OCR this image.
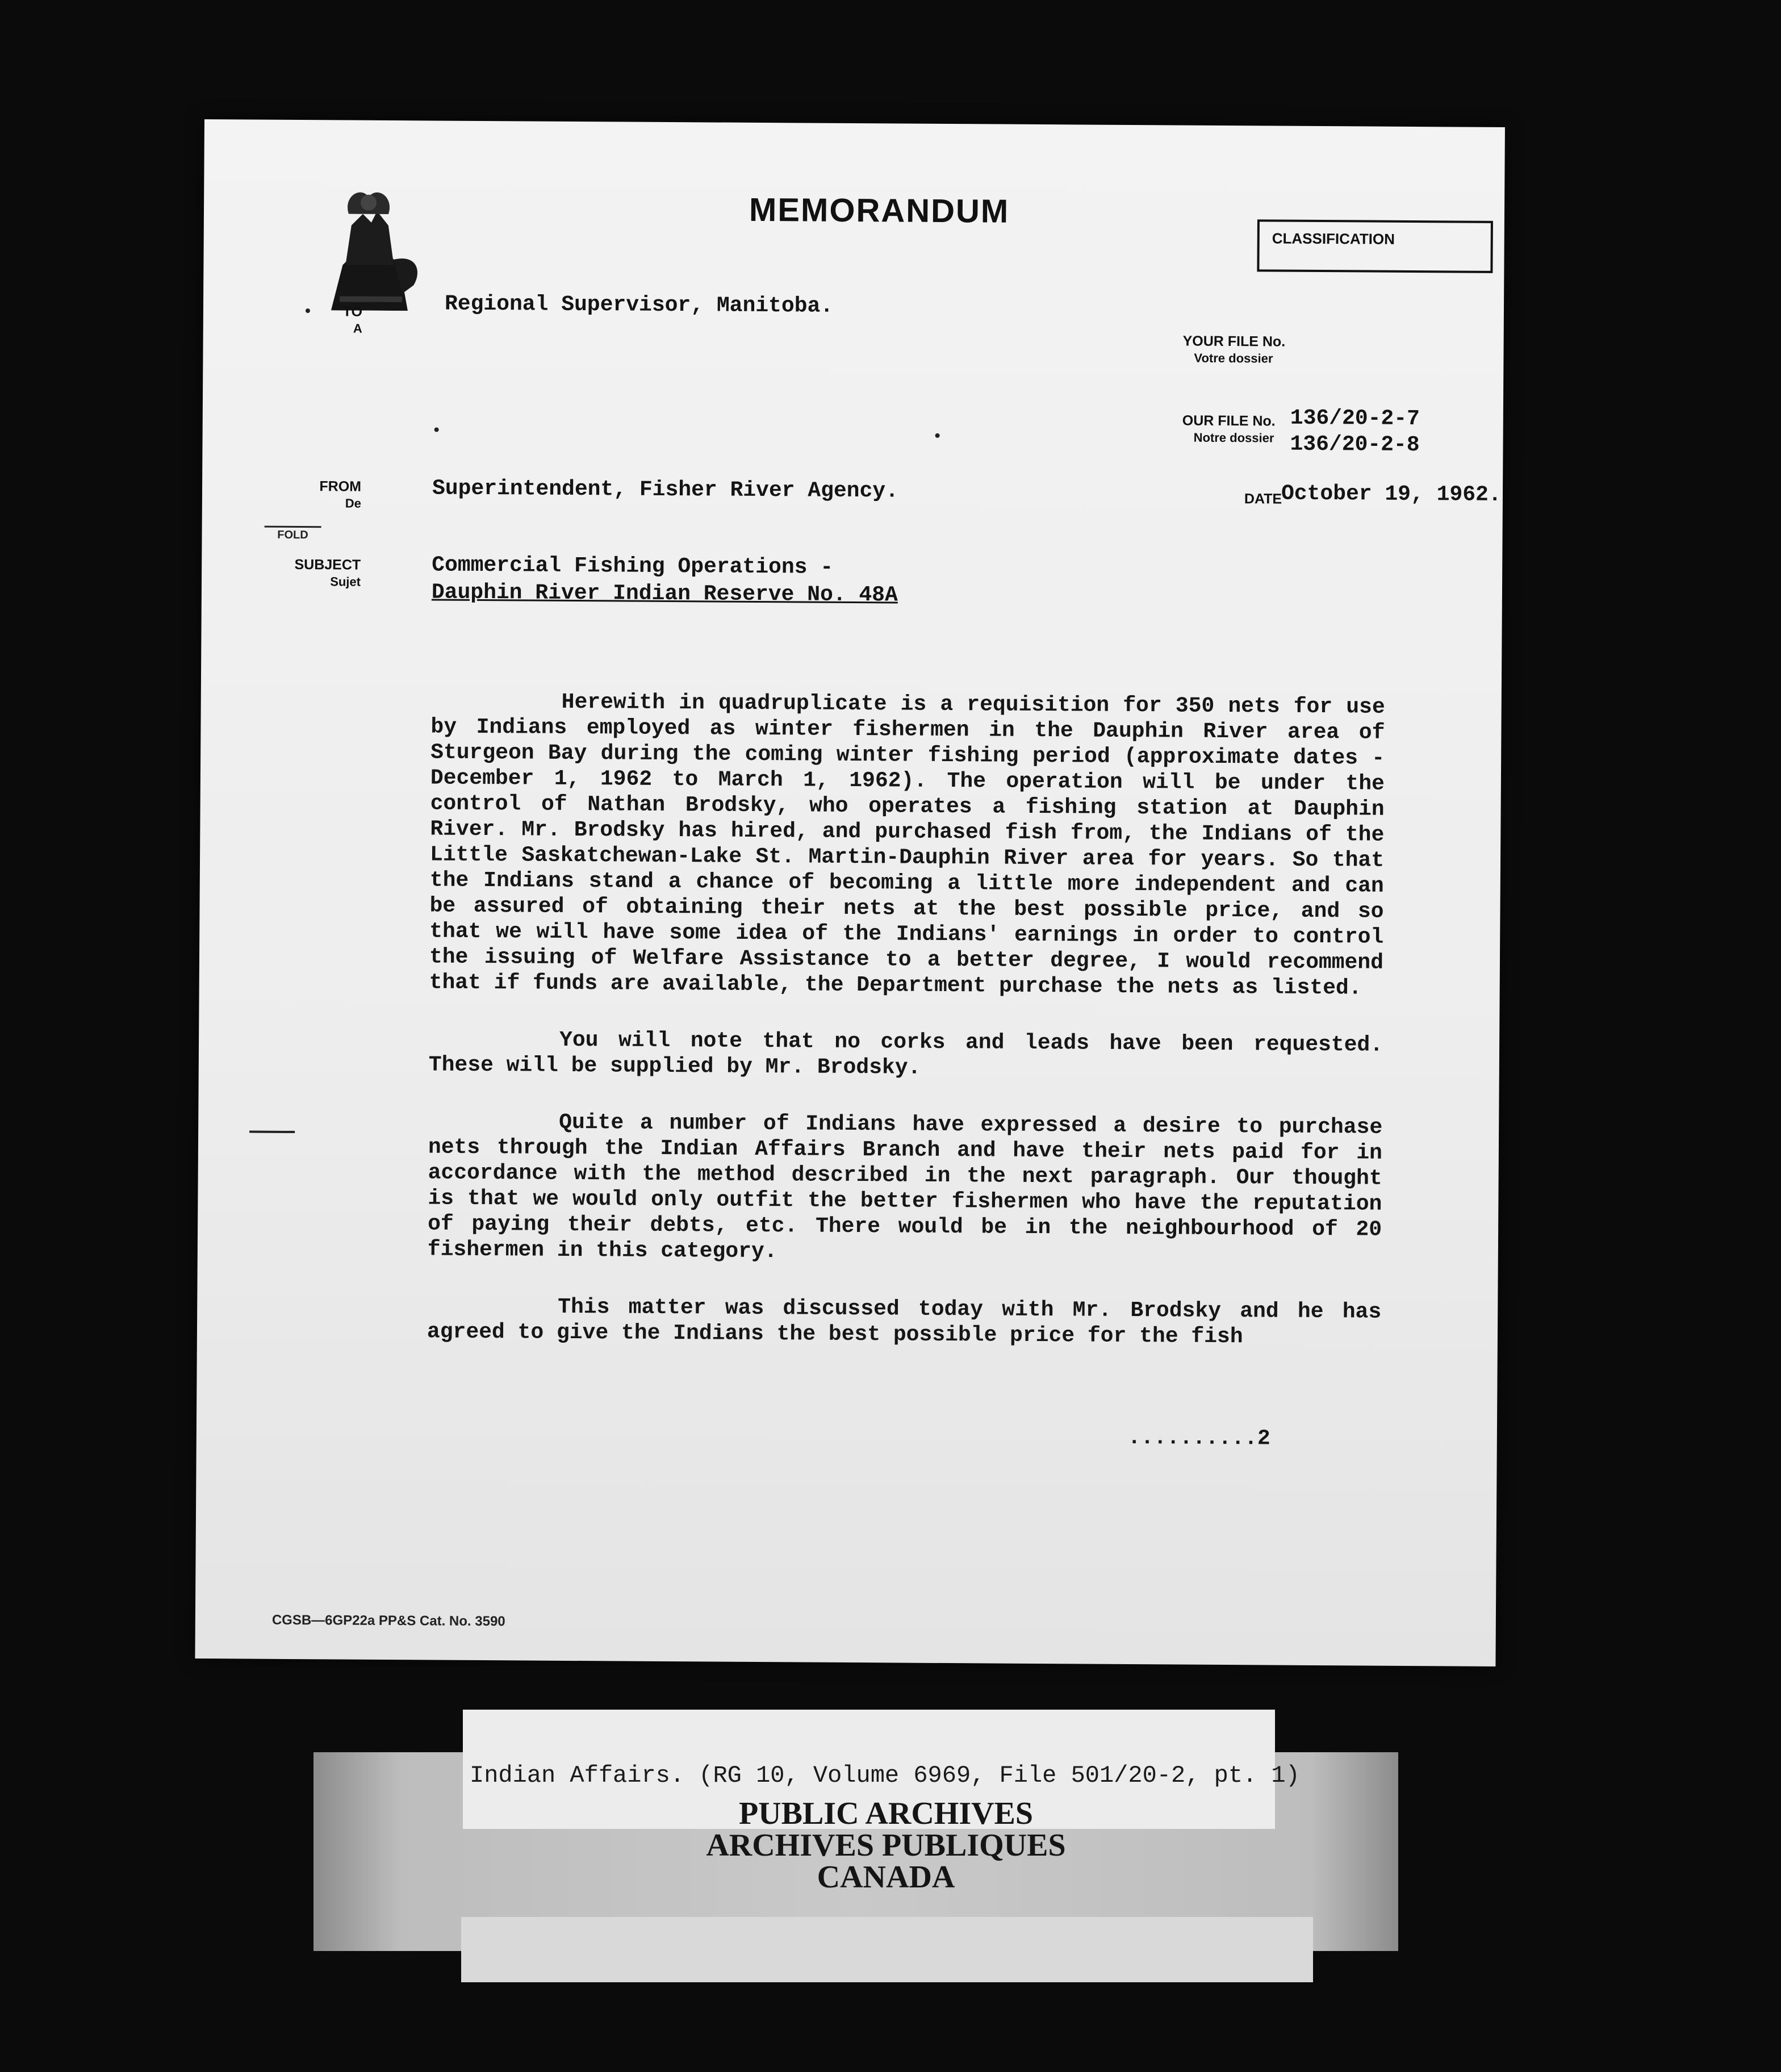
MEMORANDUM
CLASSIFICATION
TO
A
Regional Supervisor, Manitoba.
YOUR FILE No.
Votre dossier
OUR FILE No.
Notre dossier
136/20-2-7
136/20-2-8
FROM
De	Superintendent, Fisher River Agency.	DATE
October 19, 1962.
FOLD
SUBJECT
Sujet
Commercial Fishing Operations -
Dauphin River Indian Reserve No. 48A

Herewith in quadruplicate is a requisition for 350 nets for use by Indians employed as winter fishermen in the Dauphin River area of Sturgeon Bay during the coming winter fishing period (approximate dates - December 1, 1962 to March 1, 1962). The operation will be under the control of Nathan Brodsky, who operates a fishing station at Dauphin River. Mr. Brodsky has hired, and purchased fish from, the Indians of the Little Saskatchewan-Lake St. Martin-Dauphin River area for years. So that the Indians stand a chance of becoming a little more independent and can be assured of obtaining their nets at the best possible price, and so that we will have some idea of the Indians' earnings in order to control the issuing of Welfare Assistance to a better degree, I would recommend that if funds are available, the Department purchase the nets as listed.

You will note that no corks and leads have been requested. These will be supplied by Mr. Brodsky.

Quite a number of Indians have expressed a desire to purchase nets through the Indian Affairs Branch and have their nets paid for in accordance with the method described in the next paragraph. Our thought is that we would only outfit the better fishermen who have the reputation of paying their debts, etc. There would be in the neighbourhood of 20 fishermen in this category.

This matter was discussed today with Mr. Brodsky and he has agreed to give the Indians the best possible price for the fish

..........2
CGSB—6GP22a PP&S Cat. No. 3590
Indian Affairs. (RG 10, Volume 6969, File 501/20-2, pt. 1)
PUBLIC ARCHIVES
ARCHIVES PUBLIQUES
CANADA
